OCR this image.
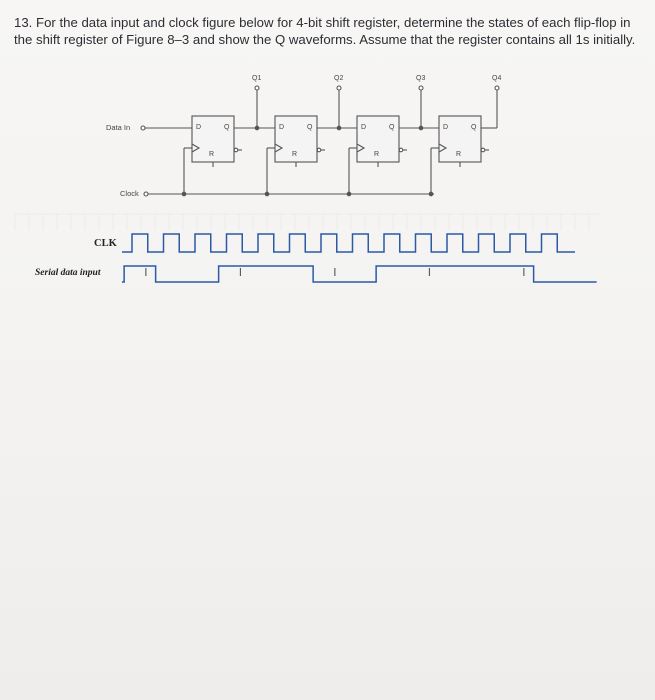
13. For the data input and clock figure below for 4-bit shift register, determine the states of each flip-flop in the shift register of Figure 8–3 and show the Q waveforms. Assume that the register contains all 1s initially.
Data In
Clock
D	Q
R
Q1
D	Q
R
Q2
D	Q
R
Q3
D	Q
R
Q4
CLK
Serial data input
